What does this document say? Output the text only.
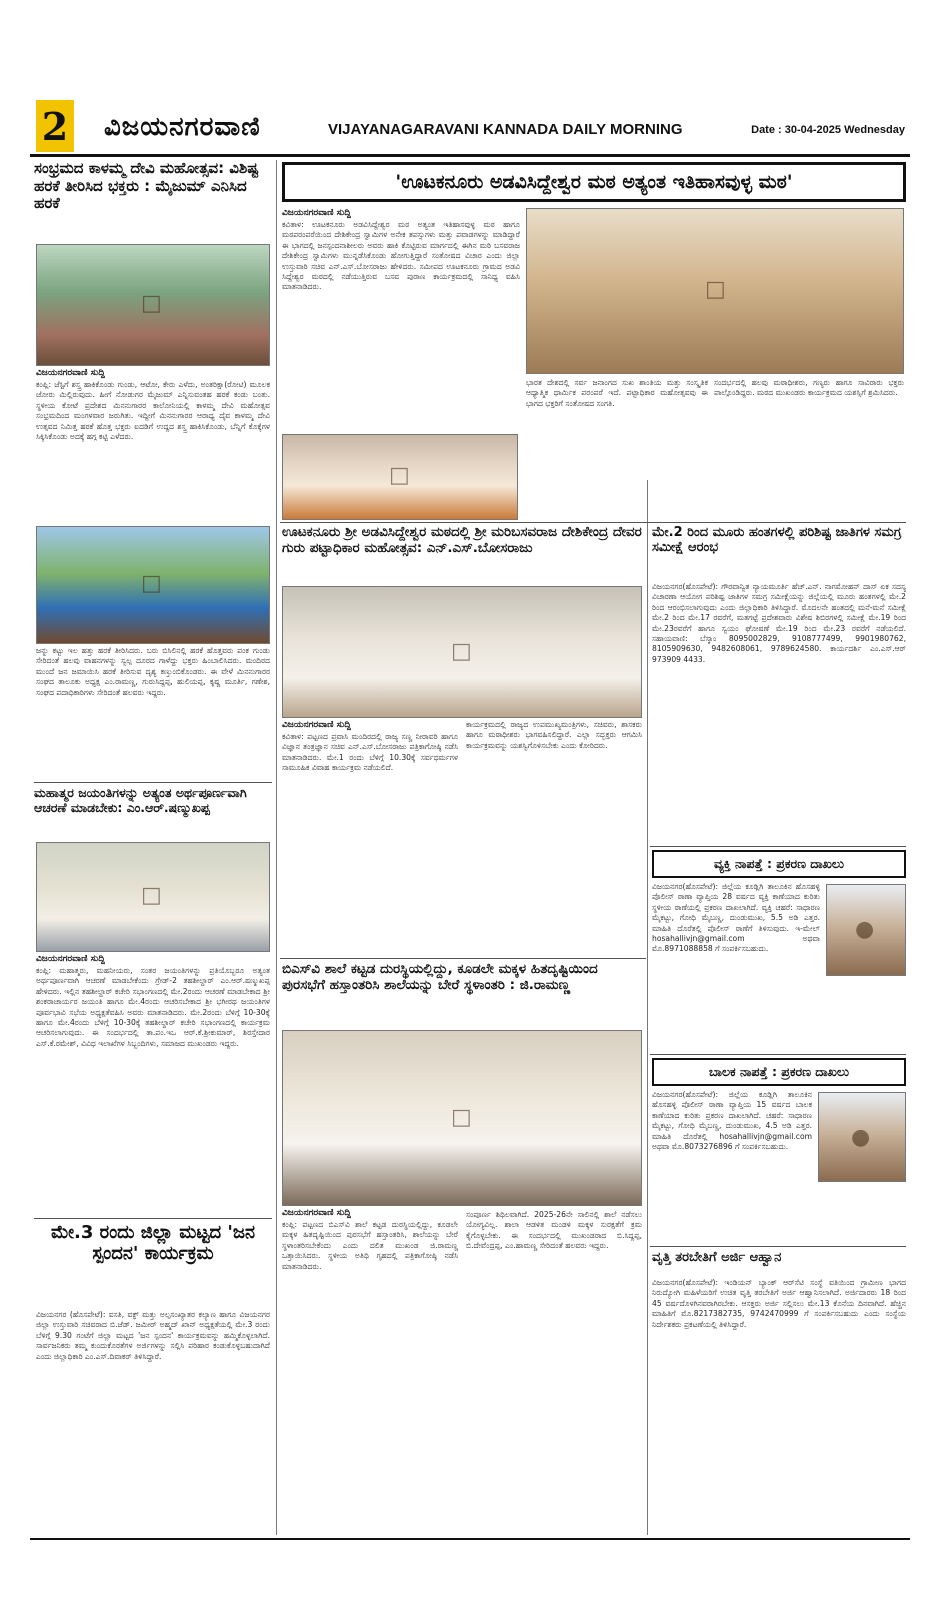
2 ವಿಜಯನಗರವಾಣಿ	VIJAYANAGARAVANI KANNADA DAILY MORNING	Date : 30-04-2025 Wednesday
ಸಂಭ್ರಮದ ಕಾಳಮ್ಮ ದೇವಿ ಮಹೋತ್ಸವ: ವಿಶಿಷ್ಟ ಹರಕೆ ತೀರಿಸಿದ ಭಕ್ತರು : ಮೈಜುಮ್ ಎನಿಸಿದ ಹರಕೆ
□
ವಿಜಯನಗರವಾಣಿ ಸುದ್ದಿ
ಕಂಪ್ಲಿ: ಜೆಸ್ಟಿಗೆ ಶಸ್ತ್ರ ಹಾಕಿಕೊಂಡು ಗುಂಡು, ಆಟೋ, ಕೇರು ಎಳೆದು, ಅಂತರಿಕ್ಷಾ(ರೋಟಿ) ಮೂಲಕ ಜೋರು ಮಿಲ್ಲಿರುವುದು. ಹೀಗೆ ನೋಡುಗರ ಮೈಜುಮ್ ಎನ್ನಿಸುವಂತಹ ಹರಕೆ ಕಂಡು ಬಂತು. ಸ್ಥಳೀಯ ಕೋಟೆ ಪ್ರದೇಶದ ಮಿನನುಗಾರರ ಕಾಲೋನಿಯಲ್ಲಿ ಕಾಳಮ್ಮ ದೇವಿ ಮಹೋತ್ಸವ ಸಂಭ್ರಮದಿಂದ ಮಂಗಳವಾರ ಜರುಗಿತು. ಇದ್ದೀಗೆ ಮಿನನುಗಾರರ ಆರಾಧ್ಯ ದೈವ ಕಾಳಮ್ಮ ದೇವಿ ಉತ್ಸವದ ನಿಮಿತ್ತ ಹರಕೆ ಹೊತ್ತ ಭಕ್ತರು ಐದಡಿಗೆ ಉದ್ದದ ಶಸ್ತ್ರ ಹಾಕಿಸಿಕೊಂಡು, ಬೆನ್ನಿಗೆ ಕೊಕ್ಕೆಗಳ ಸಿಕ್ಕಿಸಿಕೊಂಡು ಅದಕ್ಕೆ ಹಗ್ಗ ಕಟ್ಟಿ ಎಳೆದರು.
□
ಜನ್ನು ಕಟ್ಟು ಇಲ ಹತ್ತು ಹರಕೆ ತೀರಿಸಿದರು. ಬರು ಬಿಸಿಲಿನಲ್ಲಿ ಹರಕೆ ಹೊತ್ತವರು ಪಂಕ ಗುಂಡು ಸೇರಿದಂತೆ ಹಲವು ವಾಹನಗಳನ್ನು ಸ್ವಲ್ಪ ದೂರದ ಗಾಳೆದ್ದು ಭಕ್ತರು ಹಿಂಬಾಲಿಸಿದರು. ಮಂದಿರದ ಮುಂದೆ ಜನ ಜಮಾಯಿಸಿ ಹರಕೆ ತೀರಿಸುವ ದೃಶ್ಯ ಕಣ್ತುಂಬಿಕೊಂಡರು. ಈ ವೇಳೆ ಮಿನನುಗಾರರ ಸಂಘದ ತಾಲೂಕು ಅಧ್ಯಕ್ಷ ಎಂ.ರಾಮಣ್ಣ, ಗುರುಸಿದ್ದಪ್ಪ, ಹುಲಿಯಪ್ಪ, ಕೃಷ್ಣ ಮೂರ್ತಿ, ಗಣೇಶ, ಸಂಘದ ಪದಾಧಿಕಾರಿಗಳು ಸೇರಿದಂತೆ ಹಲವರು ಇದ್ದರು.
ಮಹಾತ್ಮರ ಜಯಂತಿಗಳನ್ನು ಅತ್ಯಂತ ಅರ್ಥಪೂರ್ಣವಾಗಿ ಆಚರಣೆ ಮಾಡಬೇಕು: ಎಂ.ಆರ್.ಷಣ್ಮುಖಪ್ಪ
□
ವಿಜಯನಗರವಾಣಿ ಸುದ್ದಿ
ಕಂಪ್ಲಿ: ಮಹಾತ್ಮರು, ಮಹನೀಯರು, ಸಂತರ ಜಯಂತಿಗಳನ್ನು ಪ್ರತಿಯೊಬ್ಬರೂ ಅತ್ಯಂತ ಅರ್ಥಪೂರ್ಣವಾಗಿ ಆಚರಣೆ ಮಾಡಬೇಕೆಂದು ಗ್ರೇಡ್-2 ತಹಶೀಲ್ದಾರ್ ಎಂ.ಆರ್.ಷಣ್ಮುಖಪ್ಪ ಹೇಳಿದರು. ಇಲ್ಲಿನ ತಹಶೀಲ್ದಾರ್ ಕಚೇರಿ ಸಭಾಂಗಣದಲ್ಲಿ ಮೇ.2ರಂದು ಆಚರಣೆ ಮಾಡಬೇಕಾದ ಶ್ರೀ ಶಂಕರಾಚಾರ್ಯರ ಜಯಂತಿ ಹಾಗೂ ಮೇ.4ರಂದು ಆಚರಿಸಬೇಕಾದ ಶ್ರೀ ಭಗೀರಥ ಜಯಂತಿಗಳ ಪೂರ್ವಭಾವಿ ಸಭೆಯ ಅಧ್ಯಕ್ಷತೆವಹಿಸಿ ಅವರು ಮಾತನಾಡಿದರು. ಮೇ.2ರಂದು ಬೆಳಿಗ್ಗೆ 10-30ಕ್ಕೆ ಹಾಗೂ ಮೇ.4ರಂದು ಬೆಳಿಗ್ಗೆ 10-30ಕ್ಕೆ ತಹಶೀಲ್ದಾರ್ ಕಚೇರಿ ಸಭಾಂಗಣದಲ್ಲಿ ಕಾರ್ಯಕ್ರಮ ಆಚರಿಸಲಾಗುವುದು. ಈ ಸಂದರ್ಭದಲ್ಲಿ ತಾ.ಪಂ.ಇಒ ಆರ್.ಕೆ.ಶ್ರೀಕುಮಾರ್, ಶಿರಸ್ತೇದಾರ ಎಸ್.ಕೆ.ರಮೇಶ್, ವಿವಿಧ ಇಲಾಖೆಗಳ ಸಿಬ್ಬಂದಿಗಳು, ಸಮಾಜದ ಮುಖಂಡರು ಇದ್ದರು.
ಮೇ.3 ರಂದು ಜಿಲ್ಲಾ ಮಟ್ಟದ 'ಜನ ಸ್ಪಂದನ' ಕಾರ್ಯಕ್ರಮ
ವಿಜಯನಗರ (ಹೊಸಪೇಟೆ): ವಸತಿ, ವಕ್ಫ್ ಮತ್ತು ಅಲ್ಪಸಂಖ್ಯಾತರ ಕಲ್ಯಾಣ ಹಾಗೂ ವಿಜಯನಗರ ಜಿಲ್ಲಾ ಉಸ್ತುವಾರಿ ಸಚಿವರಾದ ಬಿ.ಜೆಡ್. ಜಮೀರ್ ಅಹ್ಮದ್ ಖಾನ್ ಅಧ್ಯಕ್ಷತೆಯಲ್ಲಿ ಮೇ.3 ರಂದು ಬೆಳಿಗ್ಗೆ 9.30 ಗಂಟೆಗೆ ಜಿಲ್ಲಾ ಮಟ್ಟದ 'ಜನ ಸ್ಪಂದನ' ಕಾರ್ಯಕ್ರಮವನ್ನು ಹಮ್ಮಿಕೊಳ್ಳಲಾಗಿದೆ. ಸಾರ್ವಜನಿಕರು ತಮ್ಮ ಕುಂದುಕೊರತೆಗಳ ಅರ್ಜಿಗಳನ್ನು ಸಲ್ಲಿಸಿ ಪರಿಹಾರ ಕಂಡುಕೊಳ್ಳಬಹುದಾಗಿದೆ ಎಂದು ಜಿಲ್ಲಾಧಿಕಾರಿ ಎಂ.ಎಸ್.ದಿವಾಕರ್ ತಿಳಿಸಿದ್ದಾರೆ.
'ಊಟಕನೂರು ಅಡವಿಸಿದ್ದೇಶ್ವರ ಮಠ ಅತ್ಯಂತ ಇತಿಹಾಸವುಳ್ಳ ಮಠ'
ವಿಜಯನಗರವಾಣಿ ಸುದ್ದಿ
ಕವಿತಾಳ: ಊಟಕನೂರು ಅಡವಿಸಿದ್ದೇಶ್ವರ ಮಠ ಅತ್ಯಂತ ಇತಿಹಾಸವುಳ್ಳ ಮಠ ಹಾಗೂ ಮಠಪರಂಪರೆಯಿಂದ ದೇಶಿಕೇಂದ್ರ ಸ್ವಾಮಿಗಳ ಅನೇಕ ತಪಸ್ಸುಗಳು ಮತ್ತು ಪವಾಡಗಳನ್ನು ಮಾಡಿದ್ದಾರೆ ಈ ಭಾಗದಲ್ಲಿ ಜನಸ್ಪಂದನಾಶೀಲರು ಅವರು ಹಾಕಿ ಕೊಟ್ಟಿರುವ ಮಾರ್ಗದಲ್ಲಿ ಈಗಿನ ಮಠಿ ಬಸವರಾಜ ದೇಶಿಕೇಂದ್ರ ಸ್ವಾಮಿಗಳು ಮುನ್ನಡೆಸಿಕೊಂಡು ಹೋಗುತ್ತಿದ್ದಾರೆ ಸಂತೋಷದ ವಿಚಾರ ಎಂದು ಜಿಲ್ಲಾ ಉಸ್ತುವಾರಿ ಸಚಿವ ಎನ್.ಎಸ್.ಬೋಸರಾಜು ಹೇಳಿದರು. ಸಮೀಪದ ಊಟಕನೂರು ಗ್ರಾಮದ ಅಡವಿ ಸಿದ್ದೇಶ್ವರ ಮಠದಲ್ಲಿ ನಡೆಯುತ್ತಿರುವ ಬಸವ ಪುರಾಣ ಕಾರ್ಯಕ್ರಮದಲ್ಲಿ ಸಾನಿಧ್ಯ ವಹಿಸಿ ಮಾತನಾಡಿದರು.
□
□
ಭಾರತ ದೇಶದಲ್ಲಿ ಸರ್ವ ಜನಾಂಗದ ಸುಖ ಶಾಂತಿಯ ಮತ್ತು ಸಂಸ್ಕೃತಿಕ ಆಧ್ಯಾತ್ಮಿಕ ಧಾರ್ಮಿಕ ಪರಂಪರೆ ಇದೆ. ಪಟ್ಟಾಧಿಕಾರ ಮಹೋತ್ಸವವು ಈ ಭಾಗದ ಭಕ್ತರಿಗೆ ಸಂತೋಷದ ಸಂಗತಿ.
ಸಂದರ್ಭದಲ್ಲಿ ಹಲವು ಮಠಾಧೀಶರು, ಗಣ್ಯರು ಹಾಗೂ ಸಾವಿರಾರು ಭಕ್ತರು ಪಾಲ್ಗೊಂಡಿದ್ದರು. ಮಠದ ಮುಖಂಡರು ಕಾರ್ಯಕ್ರಮದ ಯಶಸ್ಸಿಗೆ ಶ್ರಮಿಸಿದರು.
ಊಟಕನೂರು ಶ್ರೀ ಅಡವಿಸಿದ್ದೇಶ್ವರ ಮಠದಲ್ಲಿ ಶ್ರೀ ಮರಿಬಸವರಾಜ ದೇಶಿಕೇಂದ್ರ ದೇವರ ಗುರು ಪಟ್ಟಾಧಿಕಾರ ಮಹೋತ್ಸವ: ಎನ್.ಎಸ್.ಬೋಸರಾಜು
□
ವಿಜಯನಗರವಾಣಿ ಸುದ್ದಿ
ಕವಿತಾಳ: ಪಟ್ಟಣದ ಪ್ರವಾಸಿ ಮಂದಿರದಲ್ಲಿ ರಾಜ್ಯ ಸಣ್ಣ ನೀರಾವರಿ ಹಾಗೂ ವಿಜ್ಞಾನ ತಂತ್ರಜ್ಞಾನ ಸಚಿವ ಎನ್.ಎಸ್.ಬೋಸರಾಜು ಪತ್ರಿಕಾಗೋಷ್ಠಿ ನಡೆಸಿ ಮಾತನಾಡಿದರು. ಮೇ.1 ರಂದು ಬೆಳಿಗ್ಗೆ 10.30ಕ್ಕೆ ಸರ್ವಧರ್ಮಗಳ ಸಾಮೂಹಿಕ ವಿವಾಹ ಕಾರ್ಯಕ್ರಮ ನಡೆಯಲಿದೆ.
ಕಾರ್ಯಕ್ರಮದಲ್ಲಿ ರಾಜ್ಯದ ಉಪಮುಖ್ಯಮಂತ್ರಿಗಳು, ಸಚಿವರು, ಶಾಸಕರು ಹಾಗೂ ಮಠಾಧೀಶರು ಭಾಗವಹಿಸಲಿದ್ದಾರೆ. ಎಲ್ಲಾ ಸದ್ಭಕ್ತರು ಆಗಮಿಸಿ ಕಾರ್ಯಕ್ರಮವನ್ನು ಯಶಸ್ವಿಗೊಳಿಸಬೇಕು ಎಂದು ಕೋರಿದರು.
ಬಿಎಸ್‌ವಿ ಶಾಲೆ ಕಟ್ಟಡ ದುರಸ್ಥಿಯಲ್ಲಿದ್ದು, ಕೂಡಲೇ ಮಕ್ಕಳ ಹಿತದೃಷ್ಟಿಯಿಂದ ಪುರಸಭೆಗೆ ಹಸ್ತಾಂತರಿಸಿ ಶಾಲೆಯನ್ನು ಬೇರೆ ಸ್ಥಳಾಂತರಿ : ಜಿ.ರಾಮಣ್ಣ
□
ವಿಜಯನಗರವಾಣಿ ಸುದ್ದಿ
ಕಂಪ್ಲಿ: ಪಟ್ಟಣದ ಬಿಎಸ್‌ವಿ ಶಾಲೆ ಕಟ್ಟಡ ದುರಸ್ಥಿಯಲ್ಲಿದ್ದು, ಕೂಡಲೇ ಮಕ್ಕಳ ಹಿತದೃಷ್ಟಿಯಿಂದ ಪುರಸಭೆಗೆ ಹಸ್ತಾಂತರಿಸಿ, ಶಾಲೆಯನ್ನು ಬೇರೆ ಸ್ಥಳಾಂತರಿಸಬೇಕೆಂದು ಎಂದು ದಲಿತ ಮುಖಂಡ ಜಿ.ರಾಮಣ್ಣ ಒತ್ತಾಯಿಸಿದರು. ಸ್ಥಳೀಯ ಅತಿಥಿ ಗೃಹದಲ್ಲಿ ಪತ್ರಿಕಾಗೋಷ್ಠಿ ನಡೆಸಿ ಮಾತನಾಡಿದರು.
ಸಂಪೂರ್ಣ ಶಿಥಿಲವಾಗಿದೆ. 2025-26ನೇ ಸಾಲಿನಲ್ಲಿ ಶಾಲೆ ನಡೆಸಲು ಯೋಗ್ಯವಿಲ್ಲ. ಶಾಲಾ ಆಡಳಿತ ಮಂಡಳಿ ಮಕ್ಕಳ ಸುರಕ್ಷತೆಗೆ ಕ್ರಮ ಕೈಗೊಳ್ಳಬೇಕು. ಈ ಸಂದರ್ಭದಲ್ಲಿ ಮುಖಂಡರಾದ ಬಿ.ಸಿದ್ದಪ್ಪ, ಬಿ.ದೇವೆಂದ್ರಪ್ಪ, ಎಂ.ಹಾಮಣ್ಣ ಸೇರಿದಂತೆ ಹಲವರು ಇದ್ದರು.
ಮೇ.2 ರಿಂದ ಮೂರು ಹಂತಗಳಲ್ಲಿ ಪರಿಶಿಷ್ಟ ಜಾತಿಗಳ ಸಮಗ್ರ ಸಮೀಕ್ಷೆ ಆರಂಭ
ವಿಜಯನಗರ(ಹೊಸಪೇಟೆ): ಗೌರವಾನ್ವಿತ ನ್ಯಾಯಮೂರ್ತಿ ಹೆಚ್.ಎನ್. ನಾಗಮೋಹನ್ ದಾಸ್ ಏಕ ಸದಸ್ಯ ವಿಚಾರಣಾ ಆಯೋಗ ಪರಿಶಿಷ್ಟ ಜಾತಿಗಳ ಸಮಗ್ರ ಸಮೀಕ್ಷೆಯನ್ನು ಜಿಲ್ಲೆಯಲ್ಲಿ ಮೂರು ಹಂತಗಳಲ್ಲಿ ಮೇ.2 ರಿಂದ ಆರಂಭಿಸಲಾಗುವುದು ಎಂದು ಜಿಲ್ಲಾಧಿಕಾರಿ ತಿಳಿಸಿದ್ದಾರೆ. ಮೊದಲನೇ ಹಂತದಲ್ಲಿ ಮನೆ-ಮನೆ ಸಮೀಕ್ಷೆ ಮೇ.2 ರಿಂದ ಮೇ.17 ರವರೆಗೆ, ಮತಗಟ್ಟೆ ಪ್ರದೇಶವಾರು ವಿಶೇಷ ಶಿಬಿರಗಳಲ್ಲಿ ಸಮೀಕ್ಷೆ ಮೇ.19 ರಿಂದ ಮೇ.23ರವರೆಗೆ ಹಾಗೂ ಸ್ವಯಂ ಘೋಷಣೆ ಮೇ.19 ರಿಂದ ಮೇ.23 ರವರೆಗೆ ನಡೆಯಲಿದೆ. ಸಹಾಯವಾಣಿ: ಬೆಸ್ಕಾಂ 8095002829, 9108777499, 9901980762, 8105909630, 9482608061, 9789624580. ಕಾರ್ಯದರ್ಶಿ ಎಂ.ಎಸ್.ಆರ್ 973909 4433.
ವ್ಯಕ್ತಿ ನಾಪತ್ತೆ : ಪ್ರಕರಣ ದಾಖಲು
ವಿಜಯನಗರ(ಹೊಸಪೇಟೆ): ಜಿಲ್ಲೆಯ ಕೂಡ್ಲಿಗಿ ತಾಲೂಕಿನ ಹೊಸಹಳ್ಳಿ ಪೊಲೀಸ್ ಠಾಣಾ ವ್ಯಾಪ್ತಿಯ 28 ವರ್ಷದ ವ್ಯಕ್ತಿ ಕಾಣೆಯಾದ ಕುರಿತು ಸ್ಥಳೀಯ ಠಾಣೆಯಲ್ಲಿ ಪ್ರಕರಣ ದಾಖಲಾಗಿದೆ. ವ್ಯಕ್ತಿ ಚಹರೆ: ಸಾಧಾರಣ ಮೈಕಟ್ಟು, ಗೋಧಿ ಮೈಬಣ್ಣ, ದುಂಡುಮುಖ, 5.5 ಅಡಿ ಎತ್ತರ. ಮಾಹಿತಿ ದೊರೆತಲ್ಲಿ ಪೊಲೀಸ್ ಠಾಣೆಗೆ ತಿಳಿಸುವುದು. ಇ-ಮೇಲ್ hosahallivjn@gmail.com ಅಥವಾ ಮೊ.8971088858 ಗೆ ಸಂಪರ್ಕಿಸಬಹುದು.
●
ಬಾಲಕ ನಾಪತ್ತೆ : ಪ್ರಕರಣ ದಾಖಲು
ವಿಜಯನಗರ(ಹೊಸಪೇಟೆ): ಜಿಲ್ಲೆಯ ಕೂಡ್ಲಿಗಿ ತಾಲೂಕಿನ ಹೊಸಹಳ್ಳಿ ಪೊಲೀಸ್ ಠಾಣಾ ವ್ಯಾಪ್ತಿಯ 15 ವರ್ಷದ ಬಾಲಕ ಕಾಣೆಯಾದ ಕುರಿತು ಪ್ರಕರಣ ದಾಖಲಾಗಿದೆ. ಚಹರೆ: ಸಾಧಾರಣ ಮೈಕಟ್ಟು, ಗೋಧಿ ಮೈಬಣ್ಣ, ದುಂಡುಮುಖ, 4.5 ಅಡಿ ಎತ್ತರ. ಮಾಹಿತಿ ದೊರೆತಲ್ಲಿ hosahallivjn@gmail.com ಅಥವಾ ಮೊ.8073276896 ಗೆ ಸಂಪರ್ಕಿಸಬಹುದು.	●
ವೃತ್ತಿ ತರಬೇತಿಗೆ ಅರ್ಜಿ ಆಹ್ವಾನ
ವಿಜಯನಗರ(ಹೊಸಪೇಟೆ): ಇಂಡಿಯನ್ ಬ್ಯಾಂಕ್ ಆರ್‌ಸೆಟಿ ಸಂಸ್ಥೆ ವತಿಯಿಂದ ಗ್ರಾಮೀಣ ಭಾಗದ ನಿರುದ್ಯೋಗಿ ಮಹಿಳೆಯರಿಗೆ ಉಚಿತ ವೃತ್ತಿ ತರಬೇತಿಗೆ ಅರ್ಜಿ ಆಹ್ವಾನಿಸಲಾಗಿದೆ. ಅರ್ಜಿದಾರರು 18 ರಿಂದ 45 ವರ್ಷದೊಳಗಿನವರಾಗಿರಬೇಕು. ಆಸಕ್ತರು ಅರ್ಜಿ ಸಲ್ಲಿಸಲು ಮೇ.13 ಕೊನೆಯ ದಿನವಾಗಿದೆ. ಹೆಚ್ಚಿನ ಮಾಹಿತಿಗೆ ಮೊ.8217382735, 9742470999 ಗೆ ಸಂಪರ್ಕಿಸಬಹುದು ಎಂದು ಸಂಸ್ಥೆಯ ನಿರ್ದೇಶಕರು ಪ್ರಕಟಣೆಯಲ್ಲಿ ತಿಳಿಸಿದ್ದಾರೆ.
